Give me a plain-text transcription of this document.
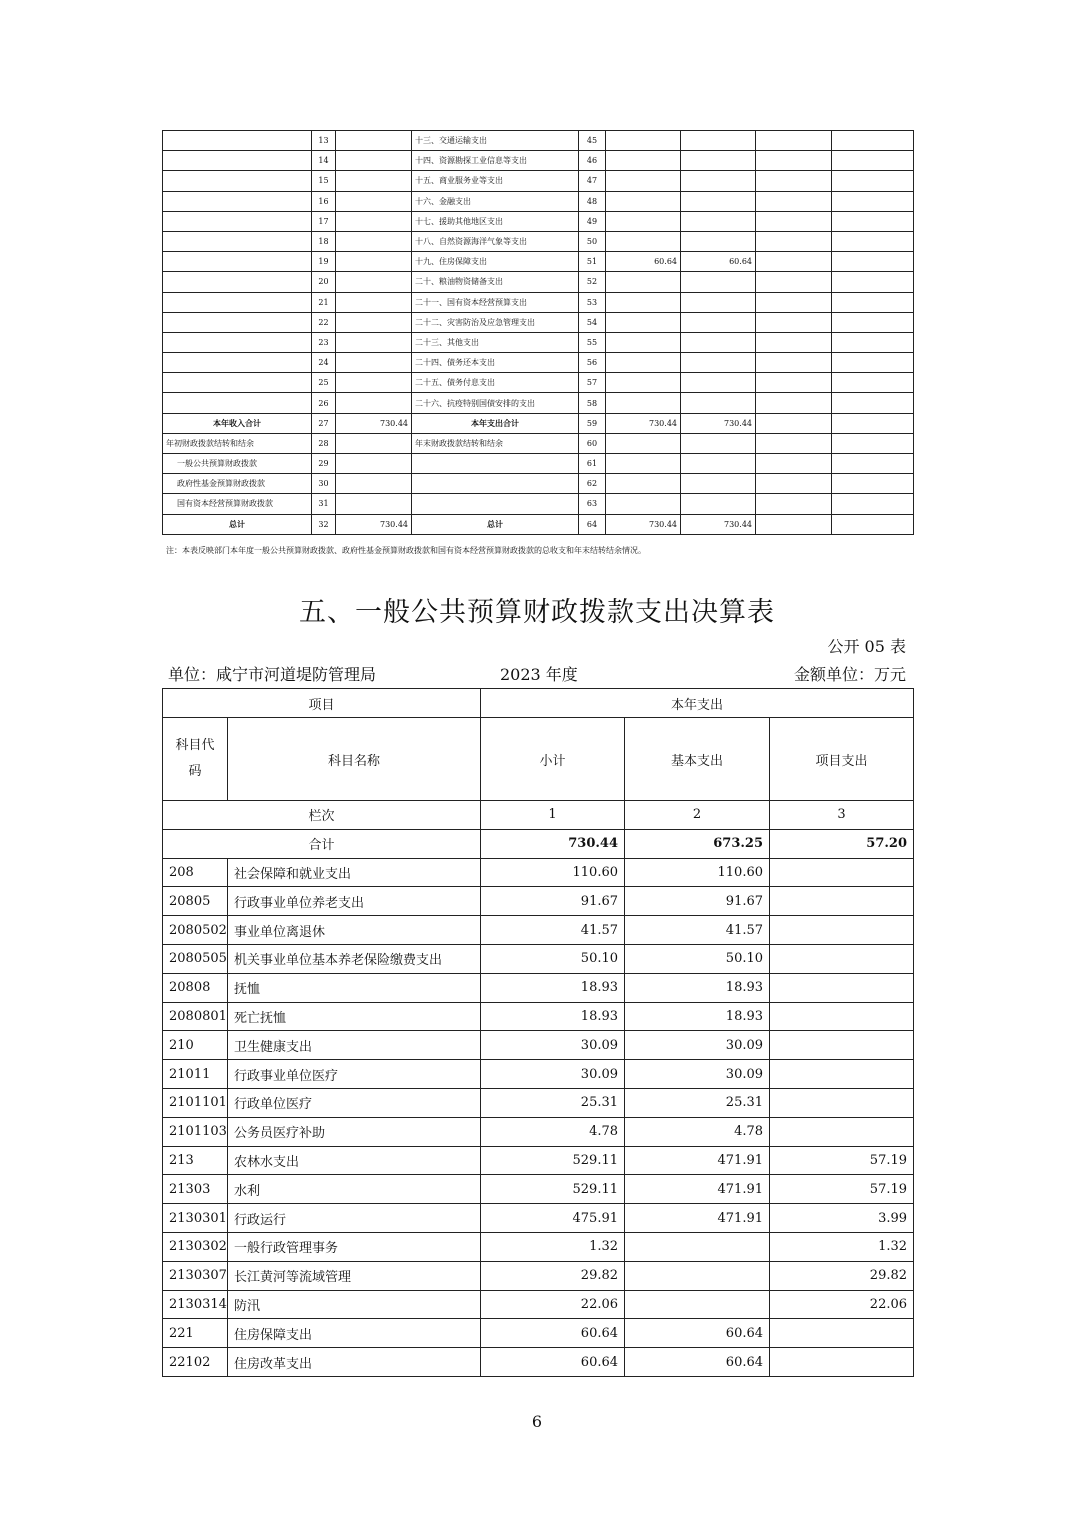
	13		十三、交通运输支出	45				
	14		十四、资源勘探工业信息等支出	46				
	15		十五、商业服务业等支出	47				
	16		十六、金融支出	48				
	17		十七、援助其他地区支出	49				
	18		十八、自然资源海洋气象等支出	50				
	19		十九、住房保障支出	51	60.64	60.64		
	20		二十、粮油物资储备支出	52				
	21		二十一、国有资本经营预算支出	53				
	22		二十二、灾害防治及应急管理支出	54				
	23		二十三、其他支出	55				
	24		二十四、债务还本支出	56				
	25		二十五、债务付息支出	57				
	26		二十六、抗疫特别国债安排的支出	58				
本年收入合计	27	730.44	本年支出合计	59	730.44	730.44		
年初财政拨款结转和结余	28		年末财政拨款结转和结余	60				
一般公共预算财政拨款	29			61				
政府性基金预算财政拨款	30			62				
国有资本经营预算财政拨款	31			63				
总计	32	730.44	总计	64	730.44	730.44		
注：本表反映部门本年度一般公共预算财政拨款、政府性基金预算财政拨款和国有资本经营预算财政拨款的总收支和年末结转结余情况。
五、一般公共预算财政拨款支出决算表
公开 05 表
单位：咸宁市河道堤防管理局	2023 年度	金额单位：万元
项目		本年支出		
科目代码	科目名称	小计	基本支出	项目支出
栏次		1	2	3
合计		730.44	673.25	57.20
208	社会保障和就业支出	110.60	110.60	
20805	行政事业单位养老支出	91.67	91.67	
2080502	事业单位离退休	41.57	41.57	
2080505	机关事业单位基本养老保险缴费支出	50.10	50.10	
20808	抚恤	18.93	18.93	
2080801	死亡抚恤	18.93	18.93	
210	卫生健康支出	30.09	30.09	
21011	行政事业单位医疗	30.09	30.09	
2101101	行政单位医疗	25.31	25.31	
2101103	公务员医疗补助	4.78	4.78	
213	农林水支出	529.11	471.91	57.19
21303	水利	529.11	471.91	57.19
2130301	行政运行	475.91	471.91	3.99
2130302	一般行政管理事务	1.32		1.32
2130307	长江黄河等流域管理	29.82		29.82
2130314	防汛	22.06		22.06
221	住房保障支出	60.64	60.64	
22102	住房改革支出	60.64	60.64	
6
